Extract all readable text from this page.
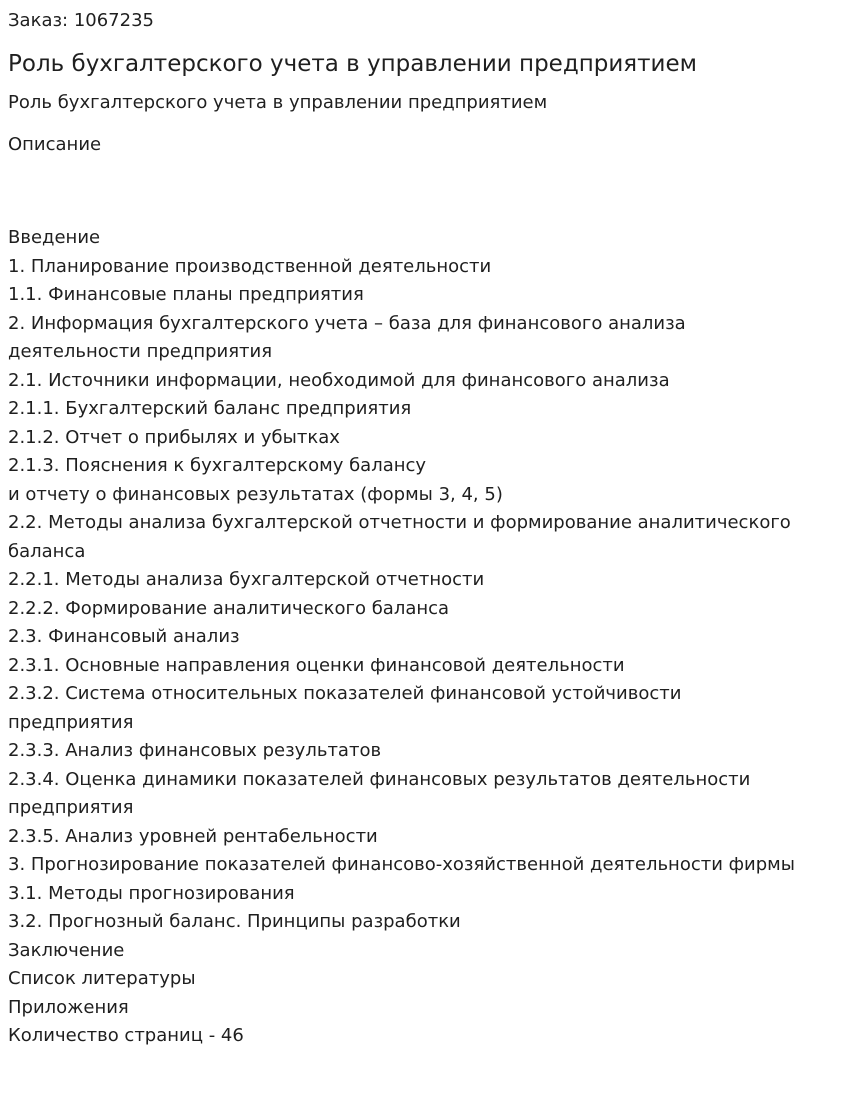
Заказ: 1067235

Роль бухгалтерского учета в управлении предприятием

Роль бухгалтерского учета в управлении предприятием

Описание

Введение
1. Планирование производственной деятельности
1.1. Финансовые планы предприятия
2. Информация бухгалтерского учета – база для финансового анализа
деятельности предприятия
2.1. Источники информации, необходимой для финансового анализа
2.1.1. Бухгалтерский баланс предприятия
2.1.2. Отчет о прибылях и убытках
2.1.3. Пояснения к бухгалтерскому балансу
и отчету о финансовых результатах (формы 3, 4, 5)
2.2. Методы анализа бухгалтерской отчетности и формирование аналитического
баланса
2.2.1. Методы анализа бухгалтерской отчетности
2.2.2. Формирование аналитического баланса
2.3. Финансовый анализ
2.3.1. Основные направления оценки финансовой деятельности
2.3.2. Система относительных показателей финансовой устойчивости
предприятия
2.3.3. Анализ финансовых результатов
2.3.4. Оценка динамики показателей финансовых результатов деятельности
предприятия
2.3.5. Анализ уровней рентабельности
3. Прогнозирование показателей финансово-хозяйственной деятельности фирмы
3.1. Методы прогнозирования
3.2. Прогнозный баланс. Принципы разработки
Заключение
Список литературы
Приложения

Количество страниц - 46
